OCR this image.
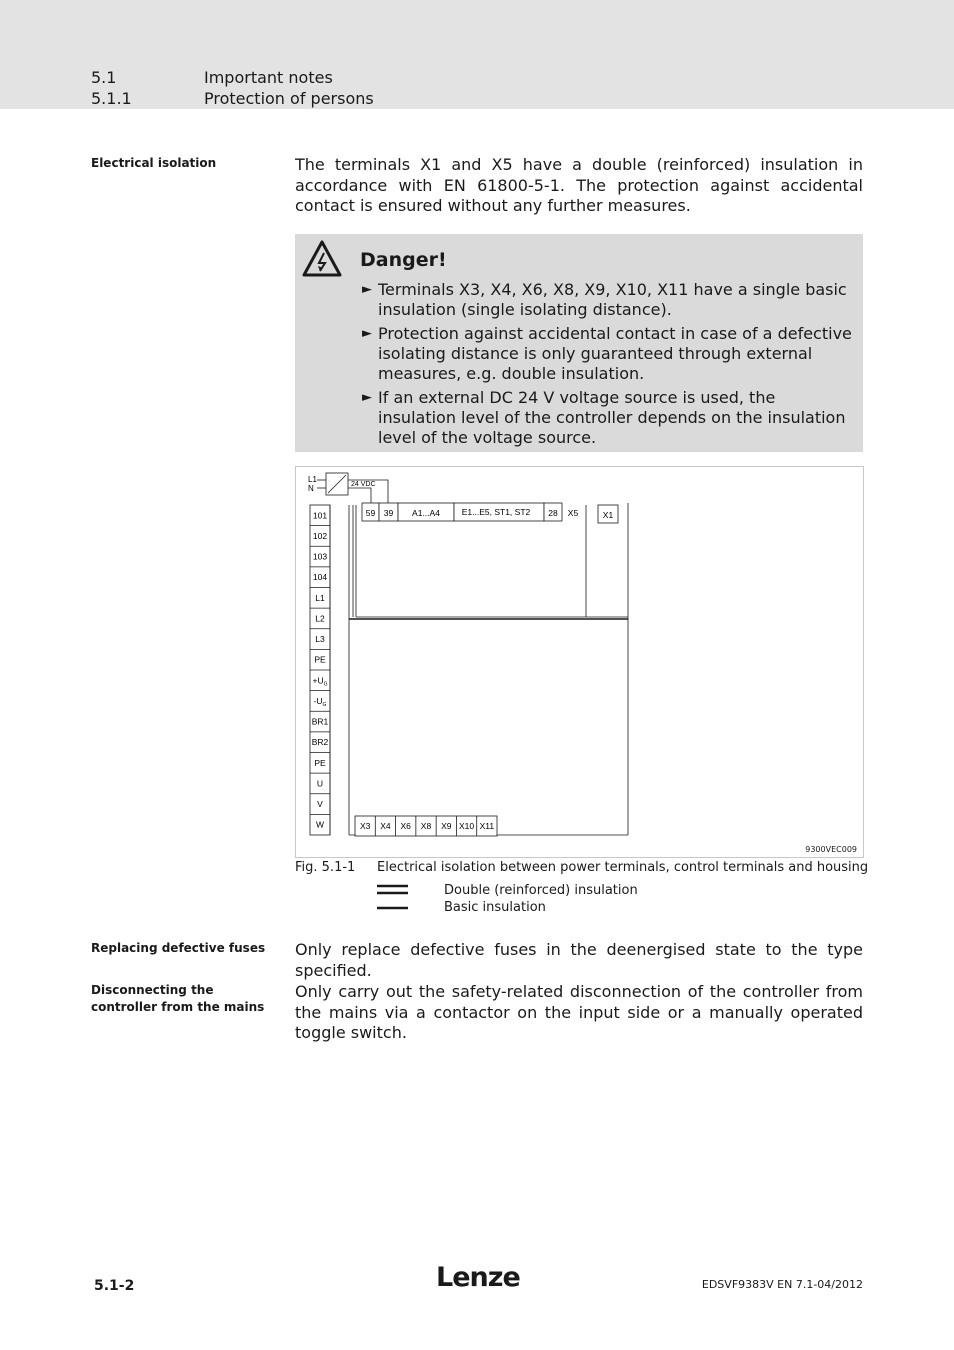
5.1	Important notes
5.1.1	Protection of persons
Electrical isolation	The terminals X1 and X5 have a double (reinforced) insulation in accordance with EN 61800-5-1. The protection against accidental contact is ensured without any further measures.
Danger!
► Terminals X3, X4, X6, X8, X9, X10, X11 have a single basic insulation (single isolating distance).
► Protection against accidental contact in case of a defective isolating distance is only guaranteed through external measures, e.g. double insulation.
► If an external DC 24 V voltage source is used, the insulation level of the controller depends on the insulation level of the voltage source.
L1
N	24 VDC
101
102
103
104
L1
L2
L3
PE
$+U_G$
$-U_G$
BR1
BR2
PE
U
V
W
59 39 A1...A4	E1...E5, ST1, ST2 28 X5	X1
X3 X4 X6 X8 X9 X10 X11
9300VEC009
Fig. 5.1-1 Electrical isolation between power terminals, control terminals and housing
Double (reinforced) insulation
Basic insulation
Replacing defective fuses	Only replace defective fuses in the deenergised state to the type specified.
Disconnecting the controller from the mains
Only carry out the safety-related disconnection of the controller from the mains via a contactor on the input side or a manually operated toggle switch.
5.1-2	Lenze	EDSVF9383V EN 7.1-04/2012
